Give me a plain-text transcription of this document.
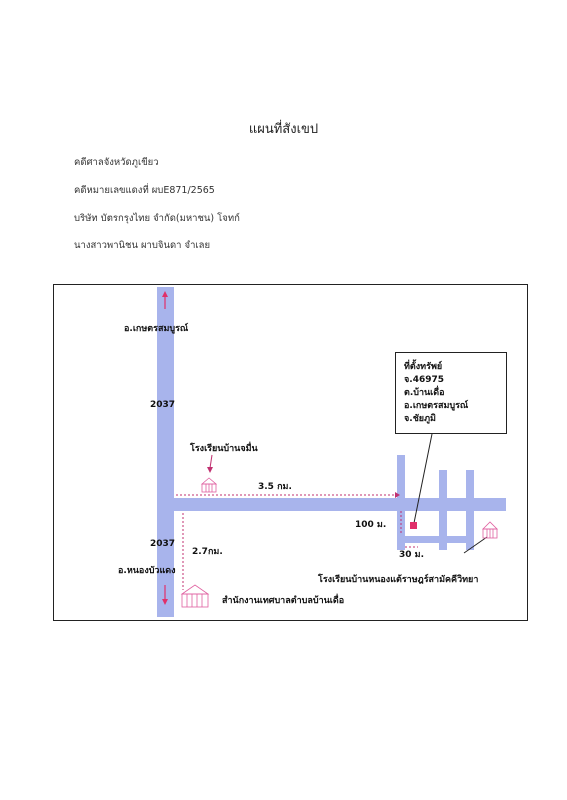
แผนที่สังเขป
คดีศาลจังหวัดภูเขียว
คดีหมายเลขแดงที่ ผบE871/2565
บริษัท บัตรกรุงไทย จำกัด(มหาชน) โจทก์
นางสาวพานิชน ผาบจินดา จำเลย
อ.เกษตรสมบูรณ์
2037
โรงเรียนบ้านจมื่น
3.5 กม.
2037
2.7กม.
อ.หนองบัวแดง
100 ม.
30 ม.
โรงเรียนบ้านหนองแต้ราษฎร์สามัคคีวิทยา
สำนักงานเทศบาลตำบลบ้านเดื่อ
ที่ตั้งทรัพย์
จ.46975
ต.บ้านเดื่อ
อ.เกษตรสมบูรณ์
จ.ชัยภูมิ
